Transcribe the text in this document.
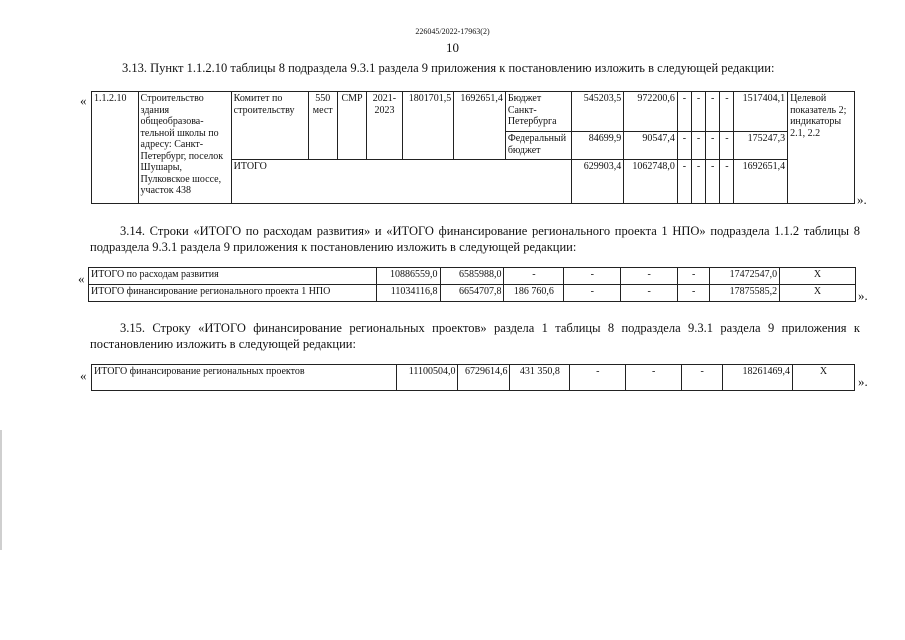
226045/2022-17963(2)
10
3.13. Пункт 1.1.2.10 таблицы 8 подраздела 9.3.1 раздела 9 приложения к постановлению изложить в следующей редакции:
« 1.1.2.10	Строительство здания общеобразова-тельной школы по адресу: Санкт-Петербург, поселок Шушары, Пулковское шоссе, участок 438	Комитет по строительству	550 мест	СМР	2021-2023	1801701,5	1692651,4	Бюджет Санкт-Петербурга	545203,5	972200,6	-	-	-	-	1517404,1	Целевой показатель 2; индикаторы 2.1, 2.2
								Федеральный бюджет	84699,9	90547,4	-	-	-	-	175247,3	
		ИТОГО							629903,4	1062748,0	-	-	-	-	1692651,4	
».
3.14. Строки «ИТОГО по расходам развития» и «ИТОГО финансирование регионального проекта 1 НПО» подраздела 1.1.2 таблицы 8 подраздела 9.3.1 раздела 9 приложения к постановлению изложить в следующей редакции:
« ИТОГО по расходам развития	10886559,0	6585988,0	-	-	-	-	17472547,0	X
ИТОГО финансирование регионального проекта 1 НПО	11034116,8	6654707,8	186 760,6	-	-	-	17875585,2	X	».
3.15. Строку «ИТОГО финансирование региональных проектов» раздела 1 таблицы 8 подраздела 9.3.1 раздела 9 приложения к постановлению изложить в следующей редакции:
« ИТОГО финансирование региональных проектов	11100504,0	6729614,6	431 350,8	-	-	-	18261469,4	X
».
